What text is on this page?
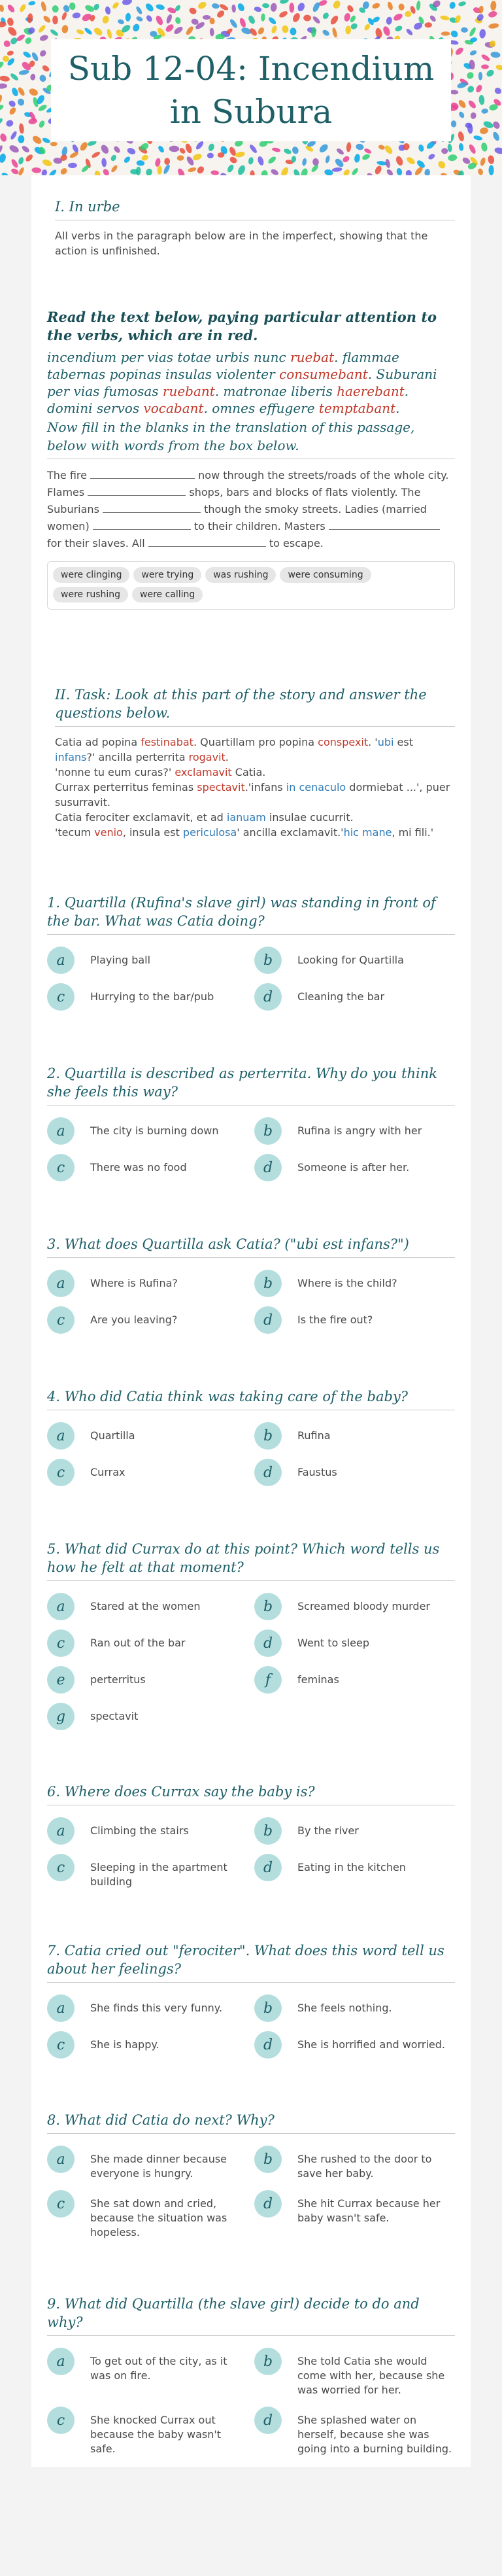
Sub 12-04: Incendium in Subura
I. In urbe
All verbs in the paragraph below are in the imperfect, showing that the action is unfinished.
Read the text below, paying particular attention to the verbs, which are in red.
incendium per vias totae urbis nunc ruebat. flammae tabernas popinas insulas violenter consumebant. Suburani per vias fumosas ruebant. matronae liberis haerebant. domini servos vocabant. omnes effugere temptabant.
Now fill in the blanks in the translation of this passage, below with words from the box below.
The fire	now through the streets/roads of the whole city. Flames	shops, bars and blocks of flats violently. The Suburians	though the smoky streets. Ladies (married women)	to their children. Masters  for their slaves. All	to escape.
were clinging were trying was rushing were consumingwere rushing were calling
II. Task: Look at this part of the story and answer the questions below.
Catia ad popina festinabat. Quartillam pro popina conspexit. 'ubi est infans?' ancilla perterrita rogavit.
'nonne tu eum curas?' exclamavit Catia.
Currax perterritus feminas spectavit.'infans in cenaculo dormiebat ...', puer susurravit.
Catia ferociter exclamavit, et ad ianuam insulae cucurrit.
'tecum venio, insula est periculosa' ancilla exclamavit.'hic mane, mi fili.'
1. Quartilla (Rufina's slave girl) was standing in front of the bar. What was Catia doing?
a	Playing ball	b	Looking for Quartilla
c	Hurrying to the bar/pub	d	Cleaning the bar
2. Quartilla is described as perterrita. Why do you think she feels this way?
a	The city is burning down	b	Rufina is angry with her
c	There was no food	d	Someone is after her.
3. What does Quartilla ask Catia? ("ubi est infans?")
a	Where is Rufina?	b	Where is the child?
c	Are you leaving?	d	Is the fire out?
4. Who did Catia think was taking care of the baby?
a	Quartilla	b	Rufina
c	Currax	d	Faustus
5. What did Currax do at this point? Which word tells us how he felt at that moment?
a	Stared at the women	b	Screamed bloody murder
c	Ran out of the bar	d	Went to sleep
e	perterritus	f	feminas
g	spectavit
6. Where does Currax say the baby is?
a	Climbing the stairs	b	By the river
c	Sleeping in the apartment building
d	Eating in the kitchen
7. Catia cried out "ferociter". What does this word tell us about her feelings?
a	She finds this very funny.	b	She feels nothing.
c	She is happy.	d	She is horrified and worried.
8. What did Catia do next? Why?
a	She made dinner because everyone is hungry.
b	She rushed to the door to save her baby.
c	She sat down and cried, because the situation was hopeless.
d	She hit Currax because her baby wasn't safe.
9. What did Quartilla (the slave girl) decide to do and why?
a	To get out of the city, as it was on fire.
b	She told Catia she would come with her, because she was worried for her.
c	She knocked Currax out because the baby wasn't safe.
d	She splashed water on herself, because she was going into a burning building.
